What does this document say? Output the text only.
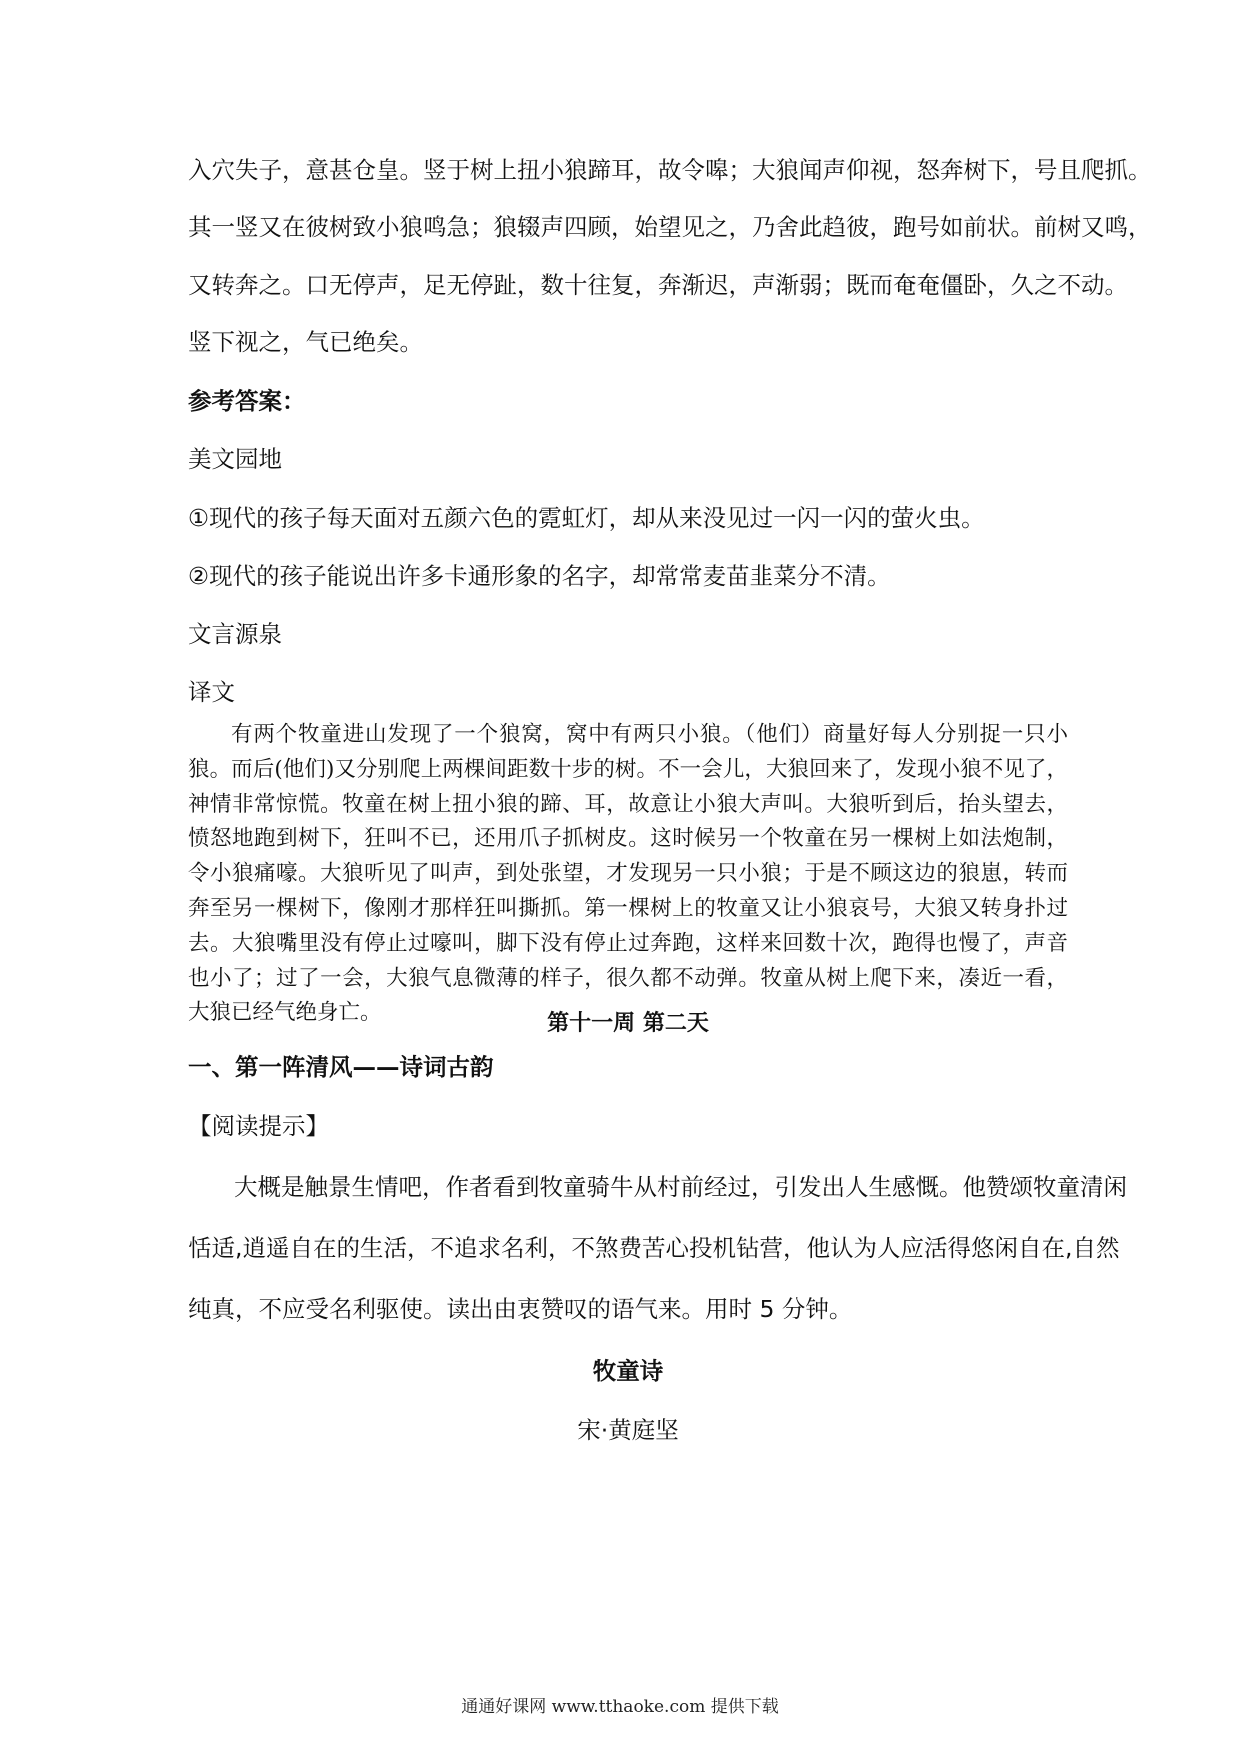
入穴失子，意甚仓皇。竖于树上扭小狼蹄耳，故令嗥；大狼闻声仰视，怒奔树下，号且爬抓。
其一竖又在彼树致小狼鸣急；狼辍声四顾，始望见之，乃舍此趋彼，跑号如前状。前树又鸣，
又转奔之。口无停声，足无停趾，数十往复，奔渐迟，声渐弱；既而奄奄僵卧，久之不动。
竖下视之，气已绝矣。
参考答案：
美文园地
①现代的孩子每天面对五颜六色的霓虹灯，却从来没见过一闪一闪的萤火虫。
②现代的孩子能说出许多卡通形象的名字，却常常麦苗韭菜分不清。
文言源泉
译文

有两个牧童进山发现了一个狼窝，窝中有两只小狼。（他们）商量好每人分别捉一只小狼。而后(他们)又分别爬上两棵间距数十步的树。不一会儿，大狼回来了，发现小狼不见了，神情非常惊慌。牧童在树上扭小狼的蹄、耳，故意让小狼大声叫。大狼听到后，抬头望去，愤怒地跑到树下，狂叫不已，还用爪子抓树皮。这时候另一个牧童在另一棵树上如法炮制，令小狼痛嚎。大狼听见了叫声，到处张望，才发现另一只小狼；于是不顾这边的狼崽，转而奔至另一棵树下，像刚才那样狂叫撕抓。第一棵树上的牧童又让小狼哀号，大狼又转身扑过去。大狼嘴里没有停止过嚎叫，脚下没有停止过奔跑，这样来回数十次，跑得也慢了，声音也小了；过了一会，大狼气息微薄的样子，很久都不动弹。牧童从树上爬下来，凑近一看，大狼已经气绝身亡。	第十一周 第二天
一、第一阵清风——诗词古韵
【阅读提示】
大概是触景生情吧，作者看到牧童骑牛从村前经过，引发出人生感慨。他赞颂牧童清闲
恬适,逍遥自在的生活，不追求名利，不煞费苦心投机钻营，他认为人应活得悠闲自在,自然
纯真，不应受名利驱使。读出由衷赞叹的语气来。用时 5 分钟。
牧童诗
宋·黄庭坚
通通好课网 www.tthaoke.com 提供下载
